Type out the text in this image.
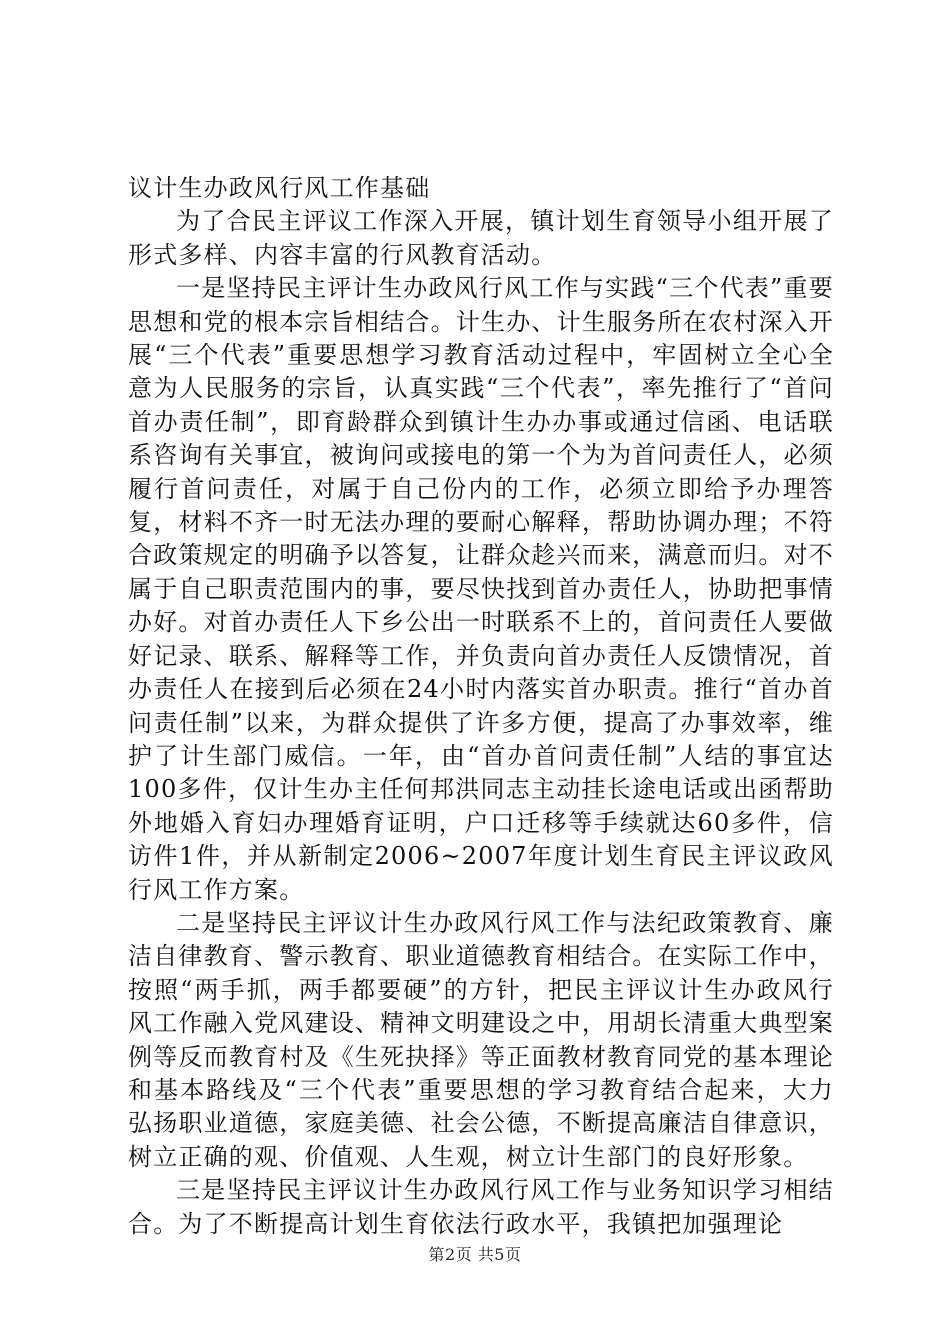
议计生办政风行风工作基础

为了合民主评议工作深入开展，镇计划生育领导小组开展了形式多样、内容丰富的行风教育活动。

一是坚持民主评计生办政风行风工作与实践“三个代表”重要思想和党的根本宗旨相结合。计生办、计生服务所在农村深入开展“三个代表”重要思想学习教育活动过程中，牢固树立全心全意为人民服务的宗旨，认真实践“三个代表”，率先推行了“首问首办责任制”，即育龄群众到镇计生办办事或通过信函、电话联系咨询有关事宜，被询问或接电的第一个为为首问责任人，必须履行首问责任，对属于自己份内的工作，必须立即给予办理答复，材料不齐一时无法办理的要耐心解释，帮助协调办理；不符合政策规定的明确予以答复，让群众趁兴而来，满意而归。对不属于自己职责范围内的事，要尽快找到首办责任人，协助把事情办好。对首办责任人下乡公出一时联系不上的，首问责任人要做好记录、联系、解释等工作，并负责向首办责任人反馈情况，首办责任人在接到后必须在24小时内落实首办职责。推行“首办首问责任制”以来，为群众提供了许多方便，提高了办事效率，维护了计生部门威信。一年，由“首办首问责任制”人结的事宜达100多件，仅计生办主任何邦洪同志主动挂长途电话或出函帮助外地婚入育妇办理婚育证明，户口迁移等手续就达60多件，信访件1件，并从新制定2006~2007年度计划生育民主评议政风行风工作方案。

二是坚持民主评议计生办政风行风工作与法纪政策教育、廉洁自律教育、警示教育、职业道德教育相结合。在实际工作中，按照“两手抓，两手都要硬”的方针，把民主评议计生办政风行风工作融入党风建设、精神文明建设之中，用胡长清重大典型案例等反而教育村及《生死抉择》等正面教材教育同党的基本理论和基本路线及“三个代表”重要思想的学习教育结合起来，大力弘扬职业道德，家庭美德、社会公德，不断提高廉洁自律意识，树立正确的观、价值观、人生观，树立计生部门的良好形象。

三是坚持民主评议计生办政风行风工作与业务知识学习相结合。为了不断提高计划生育依法行政水平，我镇把加强理论

第2页 共5页
